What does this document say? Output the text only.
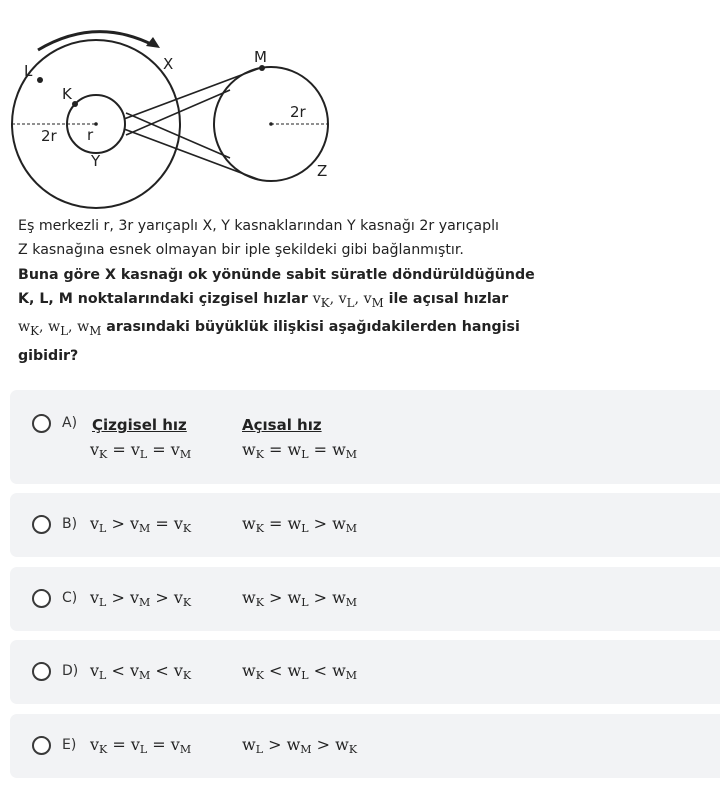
L	X	M
K
2r r
Y
2r
Z
Eş merkezli r, 3r yarıçaplı X, Y kasnaklarından Y kasnağı 2r yarıçaplı
Z kasnağına esnek olmayan bir iple şekildeki gibi bağlanmıştır.
Buna göre X kasnağı ok yönünde sabit süratle döndürüldüğünde
K, L, M noktalarındaki çizgisel hızlar $v_K$, $v_L$, $v_M$ ile açısal hızlar
$w_K$, $w_L$, $w_M$ arasındaki büyüklük ilişkisi aşağıdakilerden hangisi
gibidir?
A) Çizgisel hız	Açısal hız
$v_K = v_L = v_M$	$w_K = w_L = w_M$
B) $v_L > v_M = v_K$	$w_K = w_L > w_M$
C) $v_L > v_M > v_K$	$w_K > w_L > w_M$
D) $v_L < v_M < v_K$	$w_K < w_L < w_M$
E) $v_K = v_L = v_M$	$w_L > w_M > w_K$
